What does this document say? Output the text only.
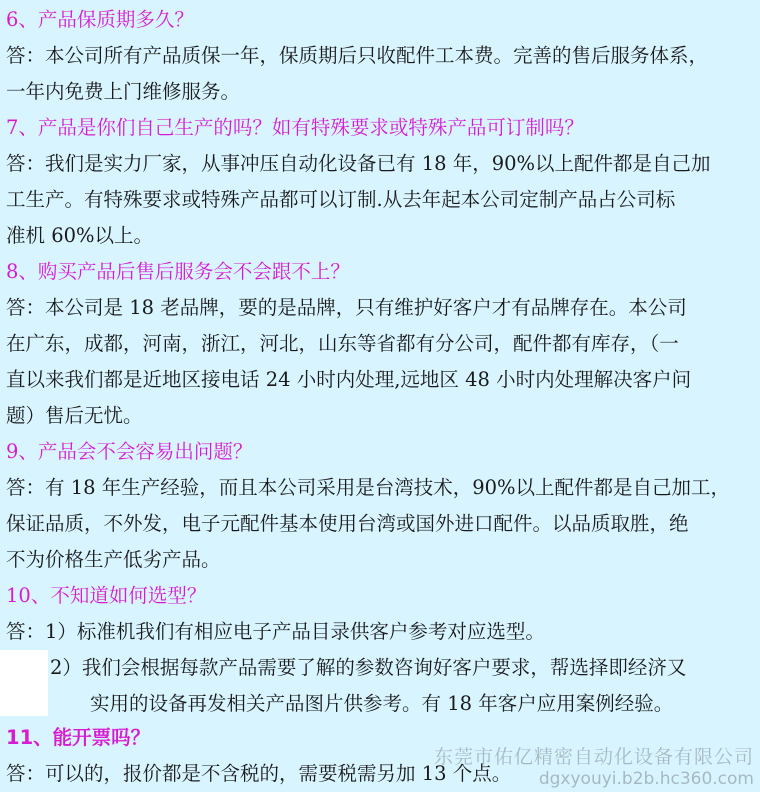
6、产品保质期多久？
答：本公司所有产品质保一年，保质期后只收配件工本费。完善的售后服务体系，
一年内免费上门维修服务。
7、产品是你们自己生产的吗？如有特殊要求或特殊产品可订制吗？
答：我们是实力厂家，从事冲压自动化设备已有 18 年，90%以上配件都是自己加
工生产。有特殊要求或特殊产品都可以订制.从去年起本公司定制产品占公司标
准机 60%以上。
8、购买产品后售后服务会不会跟不上？
答：本公司是 18 老品牌，要的是品牌，只有维护好客户才有品牌存在。本公司
在广东，成都，河南，浙江，河北，山东等省都有分公司，配件都有库存，（一
直以来我们都是近地区接电话 24 小时内处理,远地区 48 小时内处理解决客户问
题）售后无忧。
9、产品会不会容易出问题？
答：有 18 年生产经验，而且本公司采用是台湾技术，90%以上配件都是自己加工，
保证品质，不外发，电子元配件基本使用台湾或国外进口配件。以品质取胜，绝
不为价格生产低劣产品。
10、不知道如何选型？
答：1）标准机我们有相应电子产品目录供客户参考对应选型。
2）我们会根据每款产品需要了解的参数咨询好客户要求，帮选择即经济又
实用的设备再发相关产品图片供参考。有 18 年客户应用案例经验。
11、能开票吗？
答：可以的，报价都是不含税的，需要税需另加 13 个点。
东莞市佑亿精密自动化设备有限公司
dgxyouyi.b2b.hc360.com
